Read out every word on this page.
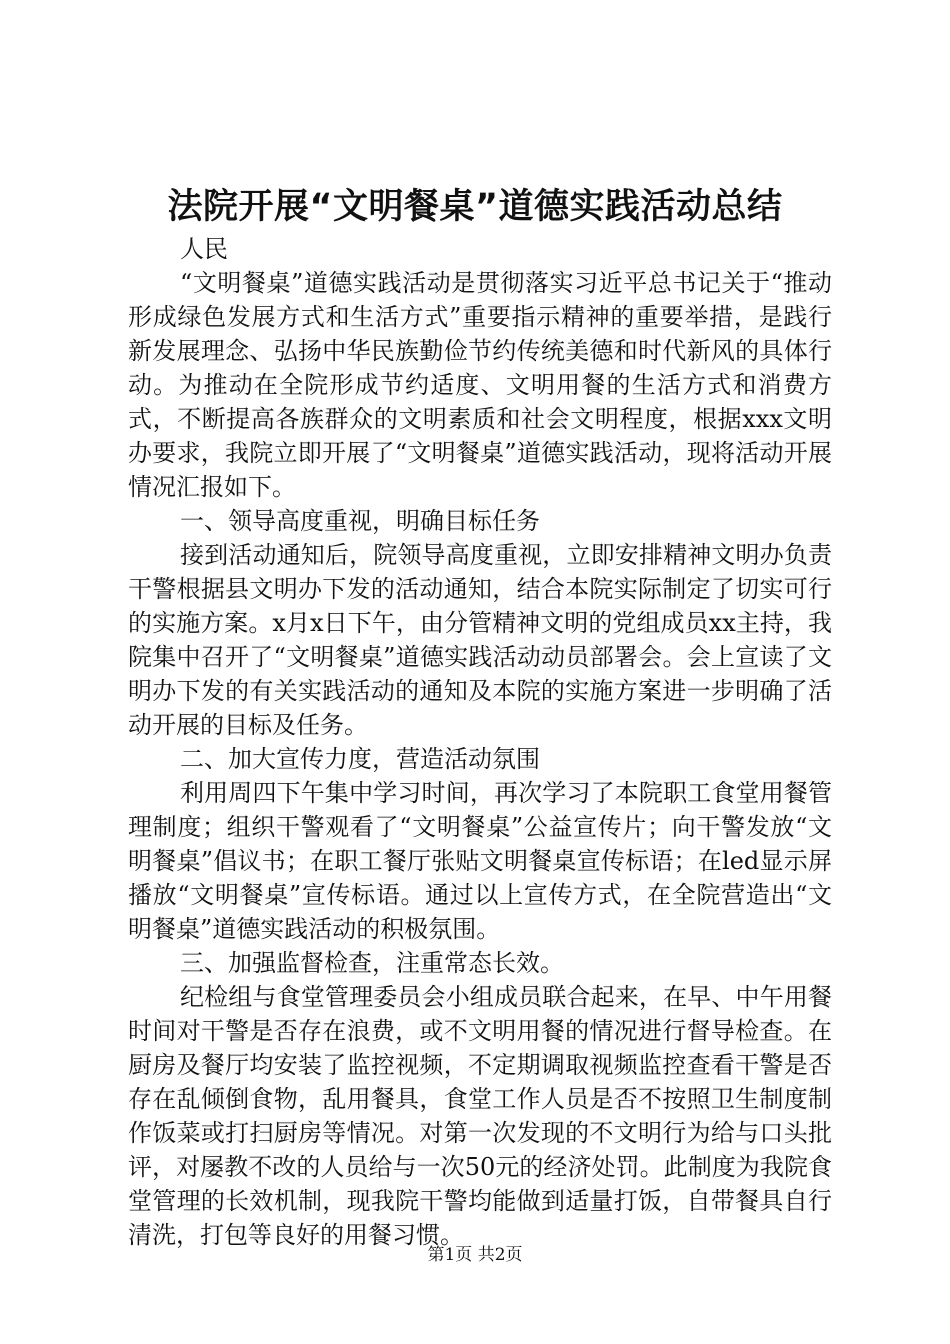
法院开展“文明餐桌”道德实践活动总结

人民

“文明餐桌”道德实践活动是贯彻落实习近平总书记关于“推动形成绿色发展方式和生活方式”重要指示精神的重要举措，是践行新发展理念、弘扬中华民族勤俭节约传统美德和时代新风的具体行动。为推动在全院形成节约适度、文明用餐的生活方式和消费方式，不断提高各族群众的文明素质和社会文明程度，根据xxx文明办要求，我院立即开展了“文明餐桌”道德实践活动，现将活动开展情况汇报如下。

一、领导高度重视，明确目标任务

接到活动通知后，院领导高度重视，立即安排精神文明办负责干警根据县文明办下发的活动通知，结合本院实际制定了切实可行的实施方案。x月x日下午，由分管精神文明的党组成员xx主持，我院集中召开了“文明餐桌”道德实践活动动员部署会。会上宣读了文明办下发的有关实践活动的通知及本院的实施方案进一步明确了活动开展的目标及任务。

二、加大宣传力度，营造活动氛围

利用周四下午集中学习时间，再次学习了本院职工食堂用餐管理制度；组织干警观看了“文明餐桌”公益宣传片；向干警发放“文明餐桌”倡议书；在职工餐厅张贴文明餐桌宣传标语；在led显示屏播放“文明餐桌”宣传标语。通过以上宣传方式，在全院营造出“文明餐桌”道德实践活动的积极氛围。

三、加强监督检查，注重常态长效。

纪检组与食堂管理委员会小组成员联合起来，在早、中午用餐时间对干警是否存在浪费，或不文明用餐的情况进行督导检查。在厨房及餐厅均安装了监控视频，不定期调取视频监控查看干警是否存在乱倾倒食物，乱用餐具，食堂工作人员是否不按照卫生制度制作饭菜或打扫厨房等情况。对第一次发现的不文明行为给与口头批评，对屡教不改的人员给与一次50元的经济处罚。此制度为我院食堂管理的长效机制，现我院干警均能做到适量打饭，自带餐具自行清洗，打包等良好的用餐习惯。

第1页 共2页
